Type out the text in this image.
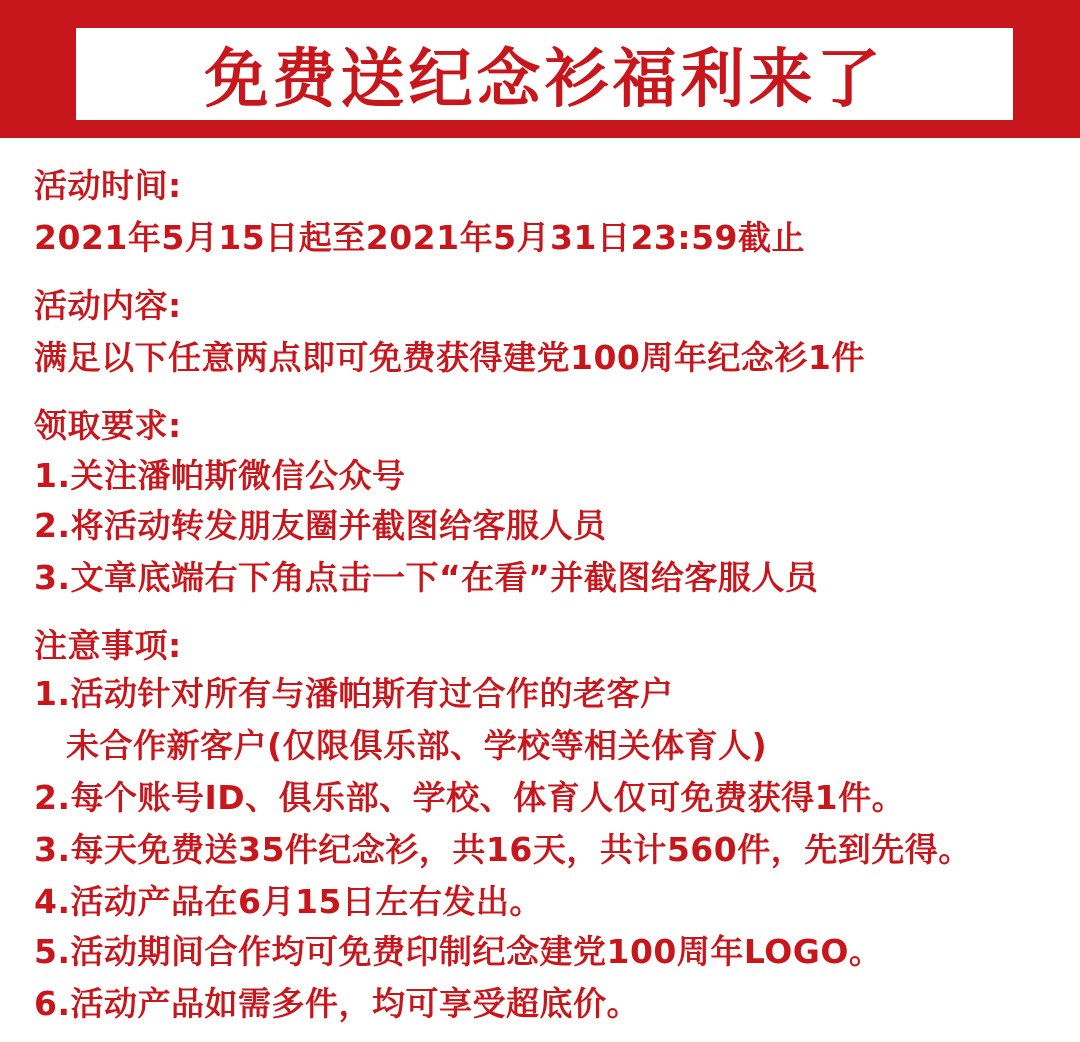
免费送纪念衫福利来了
活动时间:
2021年5月15日起至2021年5月31日23:59截止
活动内容:
满足以下任意两点即可免费获得建党100周年纪念衫1件
领取要求:
1.关注潘帕斯微信公众号
2.将活动转发朋友圈并截图给客服人员
3.文章底端右下角点击一下“在看”并截图给客服人员
注意事项:
1.活动针对所有与潘帕斯有过合作的老客户
未合作新客户(仅限俱乐部、学校等相关体育人)
2.每个账号ID、俱乐部、学校、体育人仅可免费获得1件。
3.每天免费送35件纪念衫，共16天，共计560件，先到先得。
4.活动产品在6月15日左右发出。
5.活动期间合作均可免费印制纪念建党100周年LOGO。
6.活动产品如需多件，均可享受超底价。
